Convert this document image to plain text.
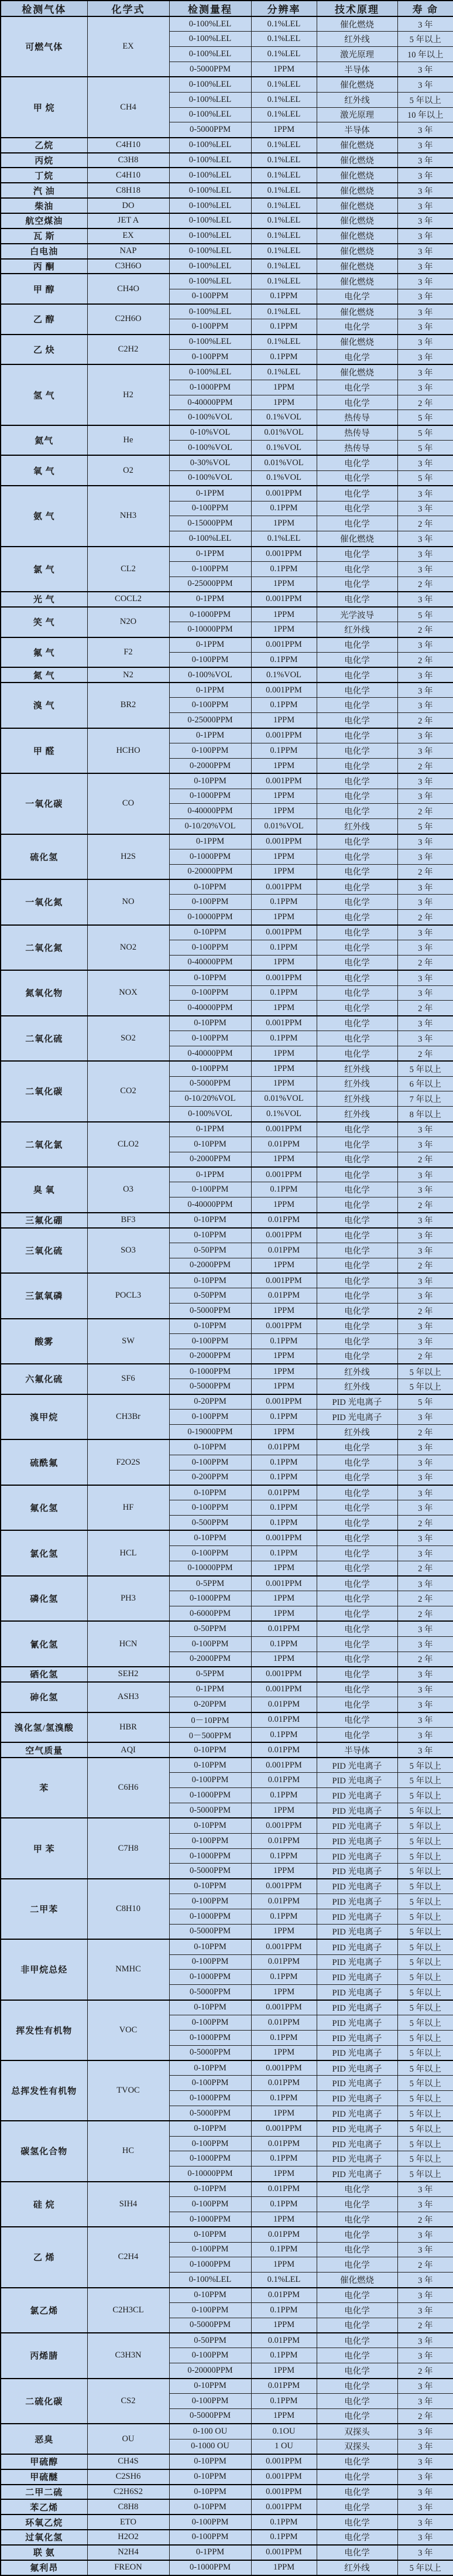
检测气体	化学式	检测量程	分辨率	技术原理	寿 命
可燃气体	EX	0-100%LEL	0.1%LEL	催化燃烧	3 年
		0-100%LEL	0.1%LEL	红外线	5 年以上
		0-100%LEL	0.1%LEL	激光原理	10 年以上
		0-5000PPM	1PPM	半导体	3 年
甲 烷	CH4	0-100%LEL	0.1%LEL	催化燃烧	3 年
		0-100%LEL	0.1%LEL	红外线	5 年以上
		0-100%LEL	0.1%LEL	激光原理	10 年以上
		0-5000PPM	1PPM	半导体	3 年
乙烷	C4H10	0-100%LEL	0.1%LEL	催化燃烧	3 年
丙烷	C3H8	0-100%LEL	0.1%LEL	催化燃烧	3 年
丁烷	C4H10	0-100%LEL	0.1%LEL	催化燃烧	3 年
汽 油	C8H18	0-100%LEL	0.1%LEL	催化燃烧	3 年
柴油	DO	0-100%LEL	0.1%LEL	催化燃烧	3 年
航空煤油	JET A	0-100%LEL	0.1%LEL	催化燃烧	3 年
瓦 斯	EX	0-100%LEL	0.1%LEL	催化燃烧	3 年
白电油	NAP	0-100%LEL	0.1%LEL	催化燃烧	3 年
丙 酮	C3H6O	0-100%LEL	0.1%LEL	催化燃烧	3 年
甲 醇	CH4O	0-100%LEL	0.1%LEL	催化燃烧	3 年
		0-100PPM	0.1PPM	电化学	3 年
乙 醇	C2H6O	0-100%LEL	0.1%LEL	催化燃烧	3 年
		0-100PPM	0.1PPM	电化学	3 年
乙 炔	C2H2	0-100%LEL	0.1%LEL	催化燃烧	3 年
		0-100PPM	0.1PPM	电化学	3 年
氢 气	H2	0-100%LEL	0.1%LEL	催化燃烧	3 年
		0-1000PPM	1PPM	电化学	3 年
		0-40000PPM	1PPM	电化学	2 年
		0-100%VOL	0.1%VOL	热传导	5 年
氦气	He	0-10%VOL	0.01%VOL	热传导	5 年
		0-100%VOL	0.1%VOL	热传导	5 年
氧 气	O2	0-30%VOL	0.01%VOL	电化学	3 年
		0-100%VOL	0.1%VOL	电化学	5 年
氨 气	NH3	0-1PPM	0.001PPM	电化学	3 年
		0-100PPM	0.1PPM	电化学	3 年
		0-15000PPM	1PPM	电化学	2 年
		0-100%LEL	0.1%LEL	催化燃烧	3 年
氯 气	CL2	0-1PPM	0.001PPM	电化学	3 年
		0-100PPM	0.1PPM	电化学	3 年
		0-25000PPM	1PPM	电化学	2 年
光 气	COCL2	0-1PPM	0.001PPM	电化学	3 年
笑 气	N2O	0-1000PPM	1PPM	光学波导	5 年
		0-10000PPM	1PPM	红外线	2 年
氟 气	F2	0-1PPM	0.001PPM	电化学	3 年
		0-100PPM	0.1PPM	电化学	2 年
氮 气	N2	0-100%VOL	0.1%VOL	电化学	3 年
溴 气	BR2	0-1PPM	0.001PPM	电化学	3 年
		0-100PPM	0.1PPM	电化学	3 年
		0-25000PPM	1PPM	电化学	2 年
甲 醛	HCHO	0-1PPM	0.001PPM	电化学	3 年
		0-100PPM	0.1PPM	电化学	3 年
		0-2000PPM	1PPM	电化学	2 年
一氧化碳	CO	0-10PPM	0.001PPM	电化学	3 年
		0-1000PPM	1PPM	电化学	3 年
		0-40000PPM	1PPM	电化学	2 年
		0-10/20%VOL	0.01%VOL	红外线	5 年
硫化氢	H2S	0-1PPM	0.001PPM	电化学	3 年
		0-1000PPM	1PPM	电化学	3 年
		0-20000PPM	1PPM	电化学	2 年
一氧化氮	NO	0-10PPM	0.001PPM	电化学	3 年
		0-100PPM	0.1PPM	电化学	3 年
		0-10000PPM	1PPM	电化学	2 年
二氧化氮	NO2	0-10PPM	0.001PPM	电化学	3 年
		0-100PPM	0.1PPM	电化学	3 年
		0-40000PPM	1PPM	电化学	2 年
氮氧化物	NOX	0-10PPM	0.001PPM	电化学	3 年
		0-100PPM	0.1PPM	电化学	3 年
		0-40000PPM	1PPM	电化学	2 年
二氧化硫	SO2	0-10PPM	0.001PPM	电化学	3 年
		0-100PPM	0.1PPM	电化学	3 年
		0-40000PPM	1PPM	电化学	2 年
二氧化碳	CO2	0-100PPM	1PPM	红外线	5 年以上
		0-5000PPM	1PPM	红外线	6 年以上
		0-10/20%VOL	0.01%VOL	红外线	7 年以上
		0-100%VOL	0.1%VOL	红外线	8 年以上
二氧化氯	CLO2	0-1PPM	0.001PPM	电化学	3 年
		0-10PPM	0.01PPM	电化学	3 年
		0-2000PPM	1PPM	电化学	2 年
臭 氧	O3	0-1PPM	0.001PPM	电化学	3 年
		0-100PPM	0.1PPM	电化学	3 年
		0-40000PPM	1PPM	电化学	2 年
三氟化硼	BF3	0-10PPM	0.01PPM	电化学	3 年
三氧化硫	SO3	0-10PPM	0.001PPM	电化学	3 年
		0-50PPM	0.01PPM	电化学	3 年
		0-2000PPM	1PPM	电化学	2 年
三氯氧磷	POCL3	0-10PPM	0.001PPM	电化学	3 年
		0-50PPM	0.01PPM	电化学	3 年
		0-5000PPM	1PPM	电化学	2 年
酸雾	SW	0-10PPM	0.001PPM	电化学	3 年
		0-100PPM	0.1PPM	电化学	3 年
		0-2000PPM	1PPM	电化学	2 年
六氟化硫	SF6	0-1000PPM	1PPM	红外线	5 年以上
		0-5000PPM	1PPM	红外线	5 年以上
溴甲烷	CH3Br	0-20PPM	0.001PPM	PID 光电离子	5 年
		0-100PPM	0.1PPM	PID 光电离子	3 年
		0-19000PPM	1PPM	红外线	2 年
硫酰氟	F2O2S	0-10PPM	0.01PPM	电化学	3 年
		0-100PPM	0.1PPM	电化学	3 年
		0-200PPM	0.1PPM	电化学	3 年
氟化氢	HF	0-10PPM	0.01PPM	电化学	3 年
		0-100PPM	0.1PPM	电化学	3 年
		0-500PPM	0.1PPM	电化学	2 年
氯化氢	HCL	0-10PPM	0.001PPM	电化学	3 年
		0-100PPM	0.1PPM	电化学	3 年
		0-10000PPM	1PPM	电化学	2 年
磷化氢	PH3	0-5PPM	0.001PPM	电化学	3 年
		0-1000PPM	1PPM	电化学	2 年
		0-6000PPM	1PPM	电化学	2 年
氰化氢	HCN	0-50PPM	0.01PPM	电化学	3 年
		0-100PPM	0.1PPM	电化学	3 年
		0-2000PPM	1PPM	电化学	2 年
硒化氢	SEH2	0-5PPM	0.001PPM	电化学	3 年
砷化氢	ASH3	0-1PPM	0.001PPM	电化学	3 年
		0-20PPM	0.01PPM	电化学	3 年
溴化氢/氢溴酸	HBR	0－10PPM	0.01PPM	电化学	3 年
		0－500PPM	0.1PPM	电化学	3 年
空气质量	AQI	0-10PPM	0.01PPM	半导体	3 年
苯	C6H6	0-10PPM	0.001PPM	PID 光电离子	5 年以上
		0-100PPM	0.01PPM	PID 光电离子	5 年以上
		0-1000PPM	0.1PPM	PID 光电离子	5 年以上
		0-5000PPM	1PPM	PID 光电离子	5 年以上
甲 苯	C7H8	0-10PPM	0.001PPM	PID 光电离子	5 年以上
		0-100PPM	0.01PPM	PID 光电离子	5 年以上
		0-1000PPM	0.1PPM	PID 光电离子	5 年以上
		0-5000PPM	1PPM	PID 光电离子	5 年以上
二甲苯	C8H10	0-10PPM	0.001PPM	PID 光电离子	5 年以上
		0-100PPM	0.01PPM	PID 光电离子	5 年以上
		0-1000PPM	0.1PPM	PID 光电离子	5 年以上
		0-5000PPM	1PPM	PID 光电离子	5 年以上
非甲烷总烃	NMHC	0-10PPM	0.001PPM	PID 光电离子	5 年以上
		0-100PPM	0.01PPM	PID 光电离子	5 年以上
		0-1000PPM	0.1PPM	PID 光电离子	5 年以上
		0-5000PPM	1PPM	PID 光电离子	5 年以上
挥发性有机物	VOC	0-10PPM	0.001PPM	PID 光电离子	5 年以上
		0-100PPM	0.01PPM	PID 光电离子	5 年以上
		0-1000PPM	0.1PPM	PID 光电离子	5 年以上
		0-5000PPM	1PPM	PID 光电离子	5 年以上
总挥发性有机物	TVOC	0-10PPM	0.001PPM	PID 光电离子	5 年以上
		0-100PPM	0.01PPM	PID 光电离子	5 年以上
		0-1000PPM	0.1PPM	PID 光电离子	5 年以上
		0-5000PPM	1PPM	PID 光电离子	5 年以上
碳氢化合物	HC	0-10PPM	0.001PPM	PID 光电离子	5 年以上
		0-100PPM	0.01PPM	PID 光电离子	5 年以上
		0-1000PPM	0.1PPM	PID 光电离子	5 年以上
		0-10000PPM	1PPM	PID 光电离子	5 年以上
硅 烷	SIH4	0-10PPM	0.01PPM	电化学	3 年
		0-100PPM	0.1PPM	电化学	3 年
		0-1000PPM	1PPM	电化学	2 年
乙 烯	C2H4	0-10PPM	0.01PPM	电化学	3 年
		0-100PPM	0.1PPM	电化学	3 年
		0-1000PPM	1PPM	电化学	2 年
		0-100%LEL	0.1%LEL	催化燃烧	3 年
氯乙烯	C2H3CL	0-10PPM	0.01PPM	电化学	3 年
		0-100PPM	0.1PPM	电化学	3 年
		0-5000PPM	1PPM	电化学	2 年
丙烯腈	C3H3N	0-50PPM	0.01PPM	电化学	3 年
		0-100PPM	0.1PPM	电化学	3 年
		0-20000PPM	1PPM	电化学	2 年
二硫化碳	CS2	0-10PPM	0.01PPM	电化学	3 年
		0-100PPM	0.1PPM	电化学	3 年
		0-5000PPM	1PPM	电化学	2 年
恶臭	OU	0-100 OU	0.1OU	双探头	3 年
		0-1000 OU	1 OU	双探头	3 年
甲硫醇	CH4S	0-10PPM	0.001PPM	电化学	3 年
甲硫醚	C2SH6	0-10PPM	0.001PPM	电化学	3 年
二甲二硫	C2H6S2	0-10PPM	0.001PPM	电化学	3 年
苯乙烯	C8H8	0-10PPM	0.001PPM	电化学	3 年
环氧乙烷	ETO	0-100PPM	0.1PPM	电化学	3 年
过氧化氢	H2O2	0-100PPM	0.1PPM	电化学	3 年
联 氨	N2H4	0-1PPM	0.001PPM	电化学	3 年
氟利昂	FREON	0-1000PPM	1PPM	红外线	5 年以上
